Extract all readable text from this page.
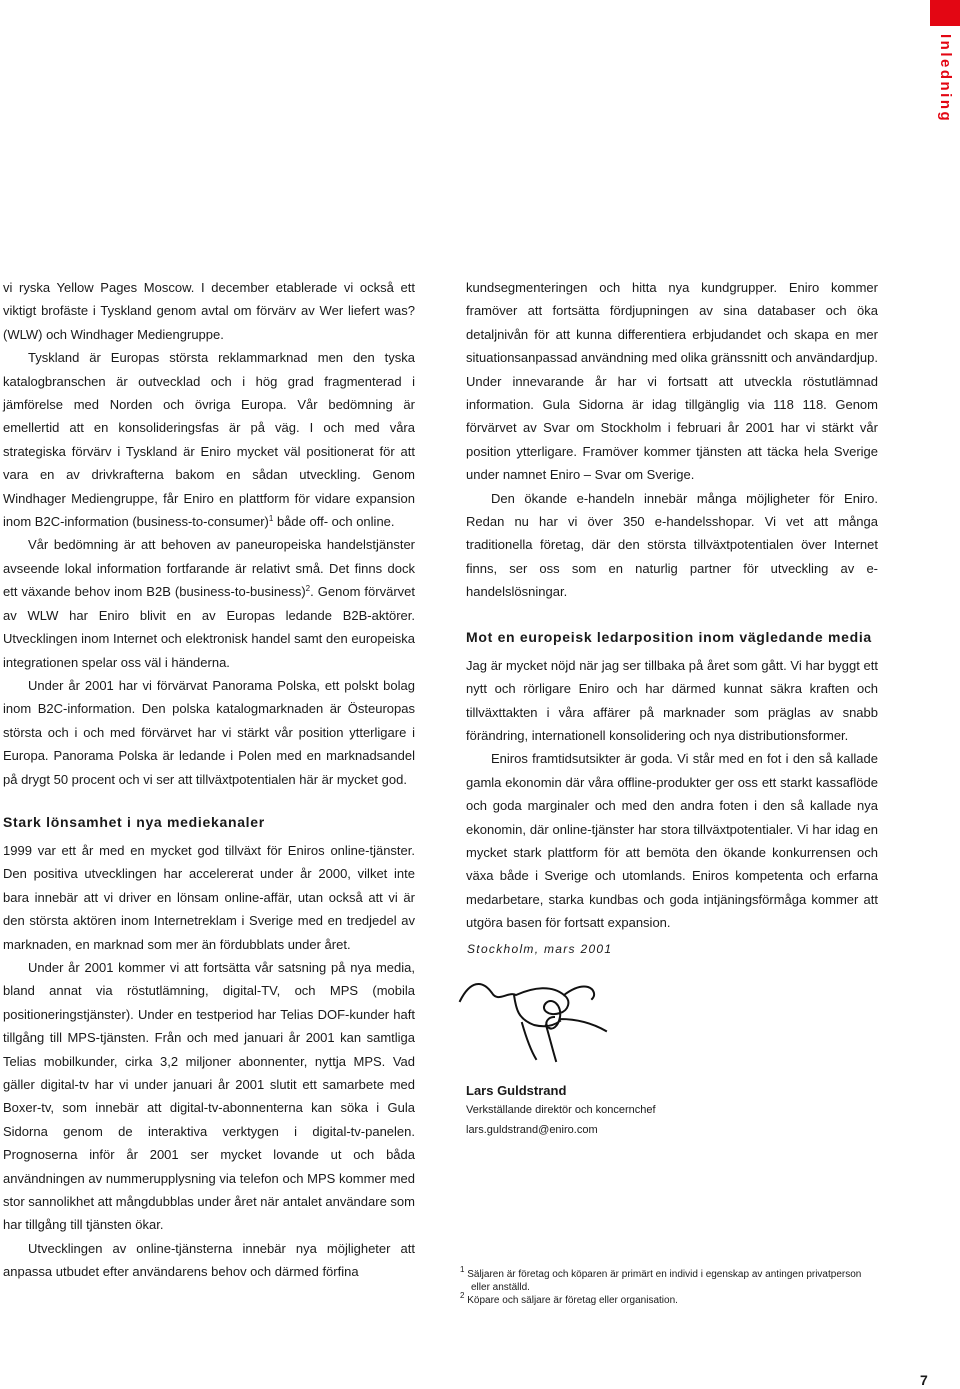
Inledning

vi ryska Yellow Pages Moscow. I december etablerade vi också ett viktigt brofäste i Tyskland genom avtal om förvärv av Wer liefert was? (WLW) och Windhager Mediengruppe.

Tyskland är Europas största reklammarknad men den tyska katalogbranschen är outvecklad och i hög grad fragmenterad i jämförelse med Norden och övriga Europa. Vår bedömning är emellertid att en konsolideringsfas är på väg. I och med våra strategiska förvärv i Tyskland är Eniro mycket väl positionerat för att vara en av drivkrafterna bakom en sådan utveckling. Genom Windhager Mediengruppe, får Eniro en plattform för vidare expansion inom B2C-information (business-to-consumer)$^1$ både off- och online.

Vår bedömning är att behoven av paneuropeiska handelstjänster avseende lokal information fortfarande är relativt små. Det finns dock ett växande behov inom B2B (business-to-business)$^2$. Genom förvärvet av WLW har Eniro blivit en av Europas ledande B2B-aktörer. Utvecklingen inom Internet och elektronisk handel samt den europeiska integrationen spelar oss väl i händerna.

Under år 2001 har vi förvärvat Panorama Polska, ett polskt bolag inom B2C-information. Den polska katalogmarknaden är Östeuropas största och i och med förvärvet har vi stärkt vår position ytterligare i Europa. Panorama Polska är ledande i Polen med en marknadsandel på drygt 50 procent och vi ser att tillväxtpotentialen här är mycket god.

Stark lönsamhet i nya mediekanaler

1999 var ett år med en mycket god tillväxt för Eniros online-tjänster. Den positiva utvecklingen har accelererat under år 2000, vilket inte bara innebär att vi driver en lönsam online-affär, utan också att vi är den största aktören inom Internetreklam i Sverige med en tredjedel av marknaden, en marknad som mer än fördubblats under året.

Under år 2001 kommer vi att fortsätta vår satsning på nya media, bland annat via röstutlämning, digital-TV, och MPS (mobila positioneringstjänster). Under en testperiod har Telias DOF-kunder haft tillgång till MPS-tjänsten. Från och med januari år 2001 kan samtliga Telias mobilkunder, cirka 3,2 miljoner abonnenter, nyttja MPS. Vad gäller digital-tv har vi under januari år 2001 slutit ett samarbete med Boxer-tv, som innebär att digital-tv-abonnenterna kan söka i Gula Sidorna genom de interaktiva verktygen i digital-tv-panelen. Prognoserna inför år 2001 ser mycket lovande ut och båda användningen av nummerupplysning via telefon och MPS kommer med stor sannolikhet att mångdubblas under året när antalet användare som har tillgång till tjänsten ökar.

Utvecklingen av online-tjänsterna innebär nya möjligheter att anpassa utbudet efter användarens behov och därmed förfina

kundsegmenteringen och hitta nya kundgrupper. Eniro kommer framöver att fortsätta fördjupningen av sina databaser och öka detaljnivån för att kunna differentiera erbjudandet och skapa en mer situationsanpassad användning med olika gränssnitt och användardjup. Under innevarande år har vi fortsatt att utveckla röstutlämnad information. Gula Sidorna är idag tillgänglig via 118 118. Genom förvärvet av Svar om Stockholm i februari år 2001 har vi stärkt vår position ytterligare. Framöver kommer tjänsten att täcka hela Sverige under namnet Eniro – Svar om Sverige.

Den ökande e-handeln innebär många möjligheter för Eniro. Redan nu har vi över 350 e-handelsshopar. Vi vet att många traditionella företag, där den största tillväxtpotentialen över Internet finns, ser oss som en naturlig partner för utveckling av e-handelslösningar.

Mot en europeisk ledarposition inom vägledande media

Jag är mycket nöjd när jag ser tillbaka på året som gått. Vi har byggt ett nytt och rörligare Eniro och har därmed kunnat säkra kraften och tillväxttakten i våra affärer på marknader som präglas av snabb förändring, internationell konsolidering och nya distributionsformer.

Eniros framtidsutsikter är goda. Vi står med en fot i den så kallade gamla ekonomin där våra offline-produkter ger oss ett starkt kassaflöde och goda marginaler och med den andra foten i den så kallade nya ekonomin, där online-tjänster har stora tillväxtpotentialer. Vi har idag en mycket stark plattform för att bemöta den ökande konkurrensen och växa både i Sverige och utomlands. Eniros kompetenta och erfarna medarbetare, starka kundbas och goda intjäningsförmåga kommer att utgöra basen för fortsatt expansion.

Stockholm, mars 2001
Lars Guldstrand
Verkställande direktör och koncernchef
lars.guldstrand@eniro.com
$^1$ Säljaren är företag och köparen är primärt en individ i egenskap av antingen privatperson
eller anställd.
$^2$ Köpare och säljare är företag eller organisation.
7
